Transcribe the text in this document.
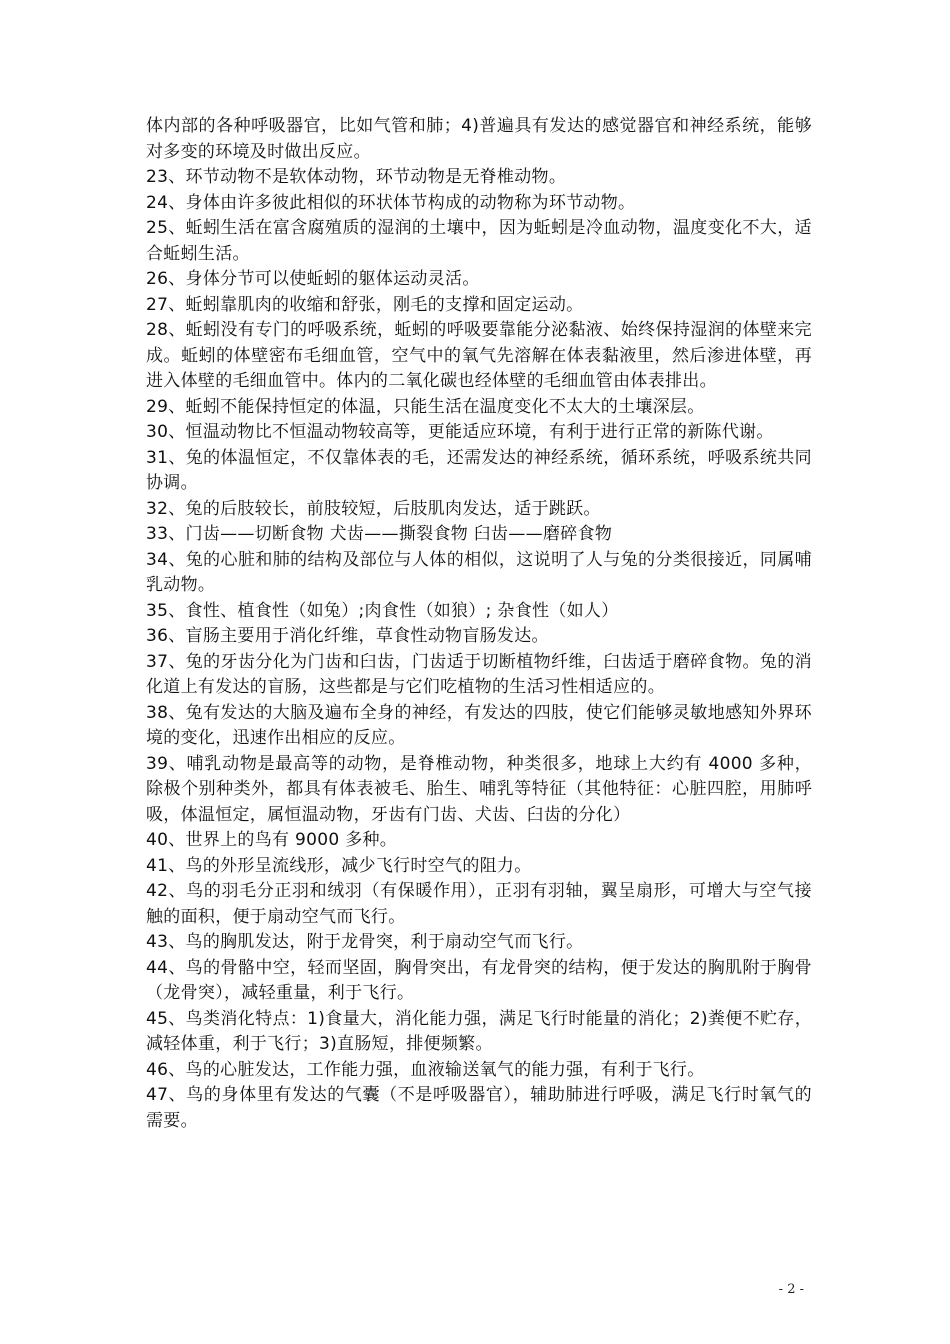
体内部的各种呼吸器官，比如气管和肺；4)普遍具有发达的感觉器官和神经系统，能够对多变的环境及时做出反应。

23、环节动物不是软体动物，环节动物是无脊椎动物。

24、身体由许多彼此相似的环状体节构成的动物称为环节动物。

25、蚯蚓生活在富含腐殖质的湿润的土壤中，因为蚯蚓是冷血动物，温度变化不大，适合蚯蚓生活。

26、身体分节可以使蚯蚓的躯体运动灵活。

27、蚯蚓靠肌肉的收缩和舒张，刚毛的支撑和固定运动。

28、蚯蚓没有专门的呼吸系统，蚯蚓的呼吸要靠能分泌黏液、始终保持湿润的体壁来完成。蚯蚓的体壁密布毛细血管，空气中的氧气先溶解在体表黏液里，然后渗进体壁，再进入体壁的毛细血管中。体内的二氧化碳也经体壁的毛细血管由体表排出。

29、蚯蚓不能保持恒定的体温，只能生活在温度变化不太大的土壤深层。

30、恒温动物比不恒温动物较高等，更能适应环境，有利于进行正常的新陈代谢。

31、兔的体温恒定，不仅靠体表的毛，还需发达的神经系统，循环系统，呼吸系统共同协调。

32、兔的后肢较长，前肢较短，后肢肌肉发达，适于跳跃。

33、门齿——切断食物 犬齿——撕裂食物 臼齿——磨碎食物

34、兔的心脏和肺的结构及部位与人体的相似，这说明了人与兔的分类很接近，同属哺乳动物。

35、食性、植食性（如兔）;肉食性（如狼）; 杂食性（如人）

36、盲肠主要用于消化纤维，草食性动物盲肠发达。

37、兔的牙齿分化为门齿和臼齿，门齿适于切断植物纤维，臼齿适于磨碎食物。兔的消化道上有发达的盲肠，这些都是与它们吃植物的生活习性相适应的。

38、兔有发达的大脑及遍布全身的神经，有发达的四肢，使它们能够灵敏地感知外界环境的变化，迅速作出相应的反应。

39、哺乳动物是最高等的动物，是脊椎动物，种类很多，地球上大约有 4000 多种，除极个别种类外，都具有体表被毛、胎生、哺乳等特征（其他特征：心脏四腔，用肺呼吸，体温恒定，属恒温动物，牙齿有门齿、犬齿、臼齿的分化）

40、世界上的鸟有 9000 多种。

41、鸟的外形呈流线形，减少飞行时空气的阻力。

42、鸟的羽毛分正羽和绒羽（有保暖作用），正羽有羽轴，翼呈扇形，可增大与空气接触的面积，便于扇动空气而飞行。

43、鸟的胸肌发达，附于龙骨突，利于扇动空气而飞行。

44、鸟的骨骼中空，轻而坚固，胸骨突出，有龙骨突的结构，便于发达的胸肌附于胸骨（龙骨突），减轻重量，利于飞行。

45、鸟类消化特点：1)食量大，消化能力强，满足飞行时能量的消化；2)粪便不贮存，减轻体重，利于飞行；3)直肠短，排便频繁。

46、鸟的心脏发达，工作能力强，血液输送氧气的能力强，有利于飞行。

47、鸟的身体里有发达的气囊（不是呼吸器官），辅助肺进行呼吸，满足飞行时氧气的需要。

- 2 -
